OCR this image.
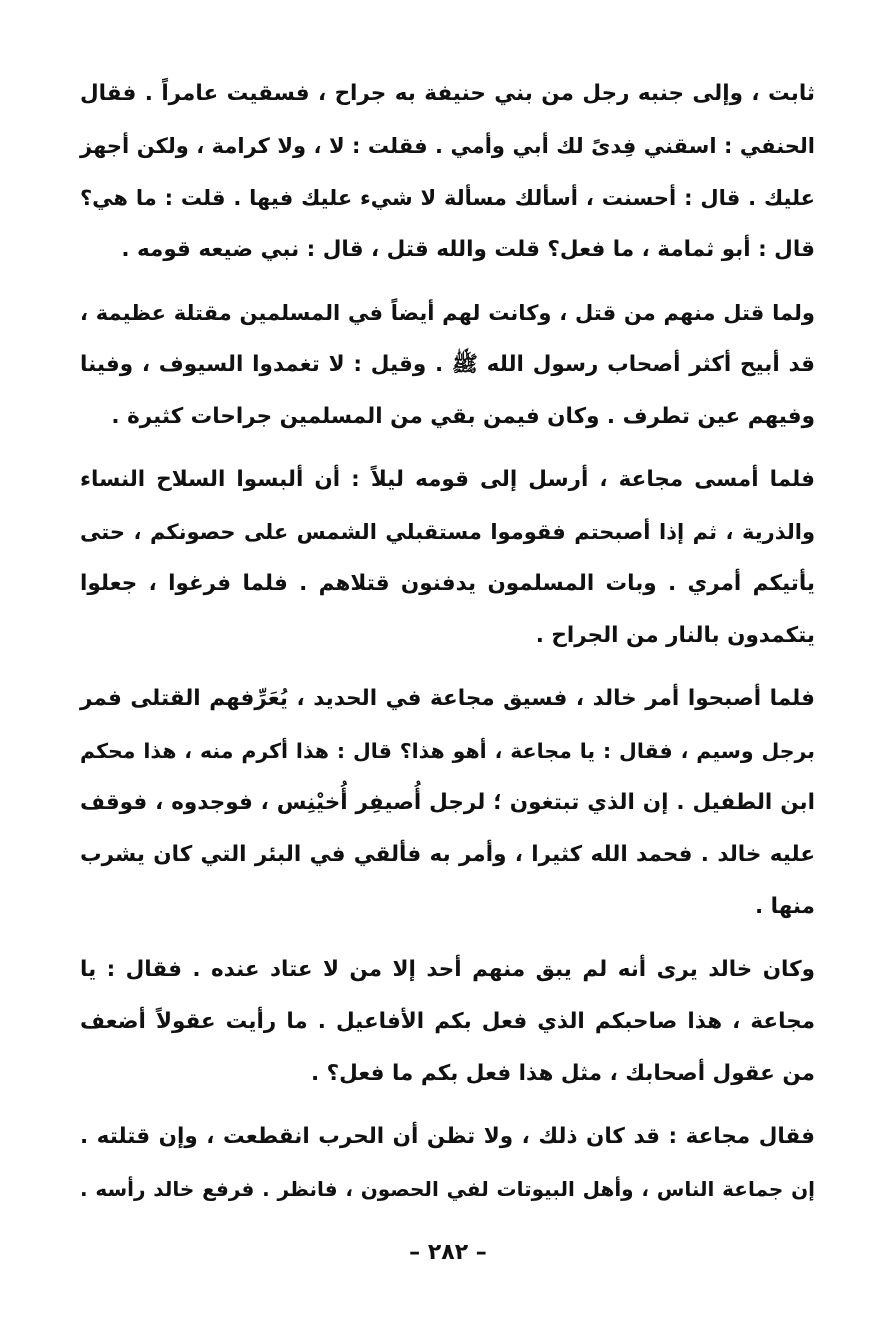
ثابت ، وإلى جنبه رجل من بني حنيفة به جراح ، فسقيت عامراً . فقال
الحنفي : اسقني فِدىً لك أبي وأمي . فقلت : لا ، ولا كرامة ، ولكن أجهز
عليك . قال : أحسنت ، أسألك مسألة لا شيء عليك فيها . قلت : ما هي؟
قال : أبو ثمامة ، ما فعل؟ قلت والله قتل ، قال : نبي ضيعه قومه .
ولما قتل منهم من قتل ، وكانت لهم أيضاً في المسلمين مقتلة عظيمة ،
قد أبيح أكثر أصحاب رسول الله ﷺ . وقيل : لا تغمدوا السيوف ، وفينا
وفيهم عين تطرف . وكان فيمن بقي من المسلمين جراحات كثيرة .
فلما أمسى مجاعة ، أرسل إلى قومه ليلاً : أن ألبسوا السلاح النساء
والذرية ، ثم إذا أصبحتم فقوموا مستقبلي الشمس على حصونكم ، حتى
يأتيكم أمري . وبات المسلمون يدفنون قتلاهم . فلما فرغوا ، جعلوا
يتكمدون بالنار من الجراح .
فلما أصبحوا أمر خالد ، فسيق مجاعة في الحديد ، يُعَرِّفهم القتلى فمر
برجل وسيم ، فقال : يا مجاعة ، أهو هذا؟ قال : هذا أكرم منه ، هذا محكم
ابن الطفيل . إن الذي تبتغون ؛ لرجل أُصيفِر أُخيْنِس ، فوجدوه ، فوقف
عليه خالد . فحمد الله كثيرا ، وأمر به فألقي في البئر التي كان يشرب
منها .
وكان خالد يرى أنه لم يبق منهم أحد إلا من لا عتاد عنده . فقال : يا
مجاعة ، هذا صاحبكم الذي فعل بكم الأفاعيل . ما رأيت عقولاً أضعف
من عقول أصحابك ، مثل هذا فعل بكم ما فعل؟ .
فقال مجاعة : قد كان ذلك ، ولا تظن أن الحرب انقطعت ، وإن قتلته .
إن جماعة الناس ، وأهل البيوتات لفي الحصون ، فانظر . فرفع خالد رأسه .
– ٢٨٢ –
